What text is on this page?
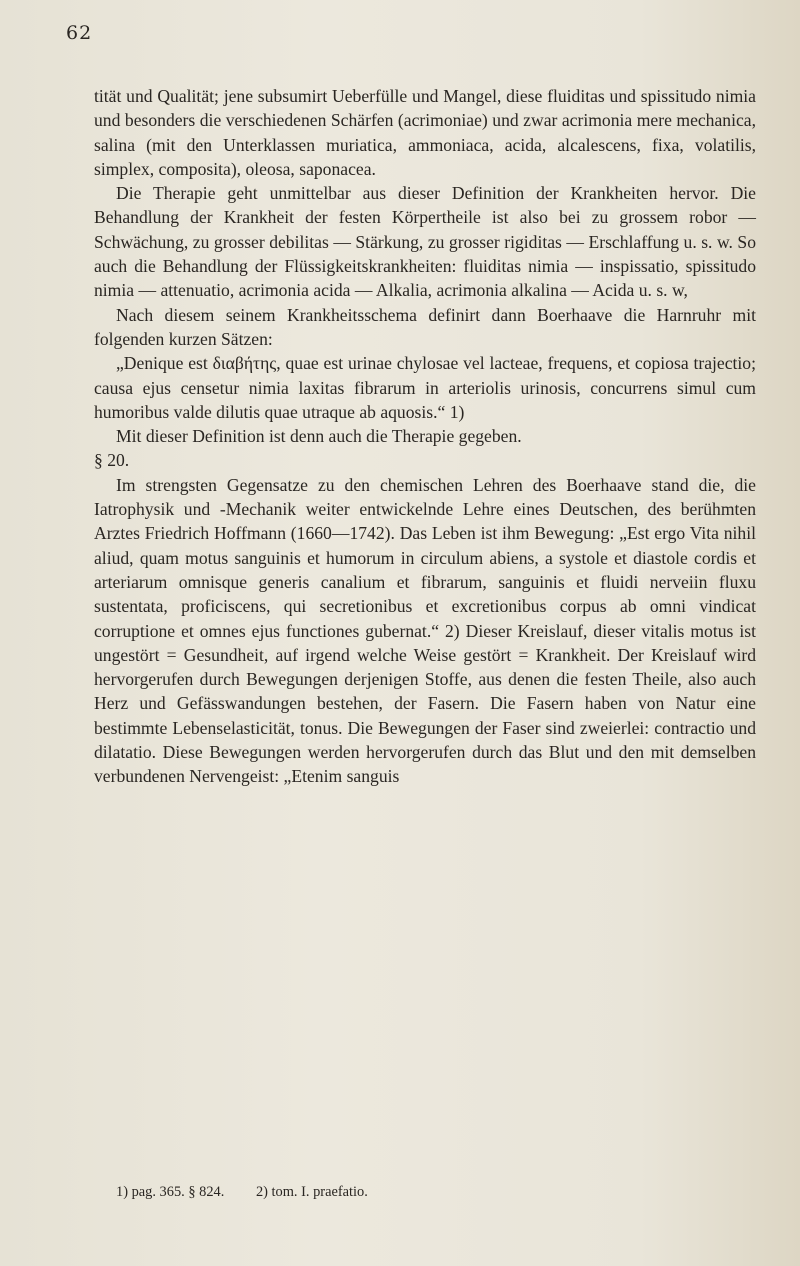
62

tität und Qualität; jene subsumirt Ueberfülle und Mangel, diese fluiditas und spissitudo nimia und besonders die verschiedenen Schärfen (acrimoniae) und zwar acrimonia mere mechanica, salina (mit den Unterklassen muriatica, ammoniaca, acida, alcalescens, fixa, volatilis, simplex, composita), oleosa, saponacea.

Die Therapie geht unmittelbar aus dieser Definition der Krankheiten hervor. Die Behandlung der Krankheit der festen Körpertheile ist also bei zu grossem robor — Schwächung, zu grosser debilitas — Stärkung, zu grosser rigiditas — Erschlaffung u. s. w. So auch die Behandlung der Flüssigkeitskrankheiten: fluiditas nimia — inspissatio, spissitudo nimia — attenuatio, acrimonia acida — Alkalia, acrimonia alkalina — Acida u. s. w,

Nach diesem seinem Krankheitsschema definirt dann Boerhaave die Harnruhr mit folgenden kurzen Sätzen:

„Denique est διαβήτης, quae est urinae chylosae vel lacteae, frequens, et copiosa trajectio; causa ejus censetur nimia laxitas fibrarum in arteriolis urinosis, concurrens simul cum humoribus valde dilutis quae utraque ab aquosis.“ 1)

Mit dieser Definition ist denn auch die Therapie gegeben.

§ 20.

Im strengsten Gegensatze zu den chemischen Lehren des Boerhaave stand die, die Iatrophysik und -Mechanik weiter entwickelnde Lehre eines Deutschen, des berühmten Arztes Friedrich Hoffmann (1660—1742). Das Leben ist ihm Bewegung: „Est ergo Vita nihil aliud, quam motus sanguinis et humorum in circulum abiens, a systole et diastole cordis et arteriarum omnisque generis canalium et fibrarum, sanguinis et fluidi nerveiin fluxu sustentata, proficiscens, qui secretionibus et excretionibus corpus ab omni vindicat corruptione et omnes ejus functiones gubernat.“ 2) Dieser Kreislauf, dieser vitalis motus ist ungestört = Gesundheit, auf irgend welche Weise gestört = Krankheit. Der Kreislauf wird hervorgerufen durch Bewegungen derjenigen Stoffe, aus denen die festen Theile, also auch Herz und Gefässwandungen bestehen, der Fasern. Die Fasern haben von Natur eine bestimmte Lebenselasticität, tonus. Die Bewegungen der Faser sind zweierlei: contractio und dilatatio. Diese Bewegungen werden hervorgerufen durch das Blut und den mit demselben verbundenen Nervengeist: „Etenim sanguis

1) pag. 365. § 824. 2) tom. I. praefatio.
